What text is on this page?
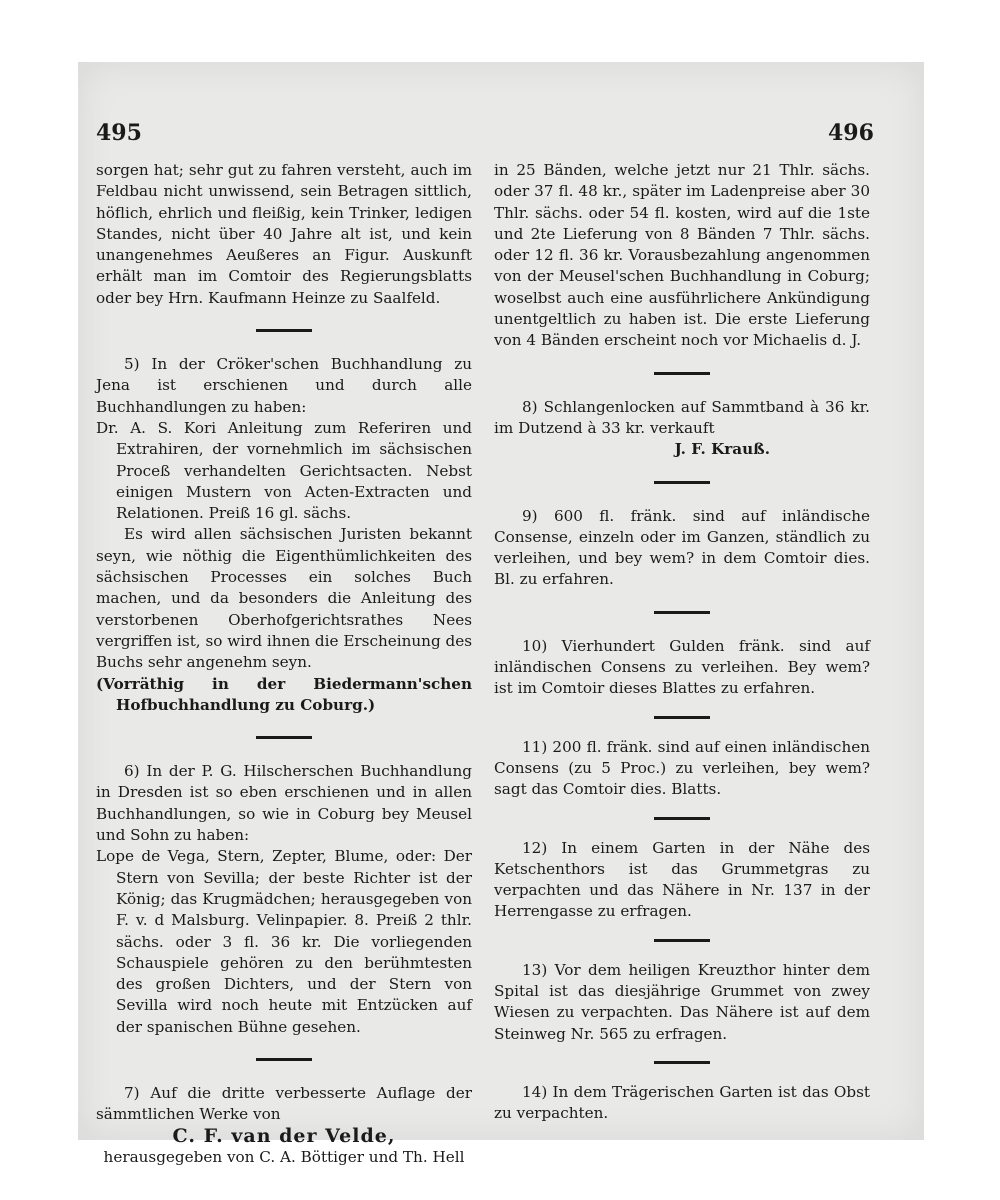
495	496

sorgen hat; sehr gut zu fahren versteht, auch im Feldbau nicht unwissend, sein Betragen sittlich, höflich, ehrlich und fleißig, kein Trinker, ledigen Standes, nicht über 40 Jahre alt ist, und kein unangenehmes Aeußeres an Figur. Auskunft erhält man im Comtoir des Regierungsblatts oder bey Hrn. Kaufmann Heinze zu Saalfeld.

5) In der Cröker'schen Buchhandlung zu Jena ist erschienen und durch alle Buchhandlungen zu haben:

Dr. A. S. Kori Anleitung zum Referiren und Extrahiren, der vornehmlich im sächsischen Proceß verhandelten Gerichtsacten. Nebst einigen Mustern von Acten-Extracten und Relationen. Preiß 16 gl. sächs.

Es wird allen sächsischen Juristen bekannt seyn, wie nöthig die Eigenthümlichkeiten des sächsischen Processes ein solches Buch machen, und da besonders die Anleitung des verstorbenen Oberhofgerichtsrathes Nees vergriffen ist, so wird ihnen die Erscheinung des Buchs sehr angenehm seyn.

(Vorräthig in der Biedermann'schen Hofbuchhandlung zu Coburg.)

6) In der P. G. Hilscherschen Buchhandlung in Dresden ist so eben erschienen und in allen Buchhandlungen, so wie in Coburg bey Meusel und Sohn zu haben:

Lope de Vega, Stern, Zepter, Blume, oder: Der Stern von Sevilla; der beste Richter ist der König; das Krugmädchen; herausgegeben von F. v. d Malsburg. Velinpapier. 8. Preiß 2 thlr. sächs. oder 3 fl. 36 kr. Die vorliegenden Schauspiele gehören zu den berühmtesten des großen Dichters, und der Stern von Sevilla wird noch heute mit Entzücken auf der spanischen Bühne gesehen.

7) Auf die dritte verbesserte Auflage der sämmtlichen Werke von

C. F. van der Velde,

herausgegeben von C. A. Böttiger und Th. Hell

in 25 Bänden, welche jetzt nur 21 Thlr. sächs. oder 37 fl. 48 kr., später im Ladenpreise aber 30 Thlr. sächs. oder 54 fl. kosten, wird auf die 1ste und 2te Lieferung von 8 Bänden 7 Thlr. sächs. oder 12 fl. 36 kr. Vorausbezahlung angenommen von der Meusel'schen Buchhandlung in Coburg; woselbst auch eine ausführlichere Ankündigung unentgeltlich zu haben ist. Die erste Lieferung von 4 Bänden erscheint noch vor Michaelis d. J.

8) Schlangenlocken auf Sammtband à 36 kr. im Dutzend à 33 kr. verkauft

J. F. Krauß.

9) 600 fl. fränk. sind auf inländische Consense, einzeln oder im Ganzen, ständlich zu verleihen, und bey wem? in dem Comtoir dies. Bl. zu erfahren.

10) Vierhundert Gulden fränk. sind auf inländischen Consens zu verleihen. Bey wem? ist im Comtoir dieses Blattes zu erfahren.

11) 200 fl. fränk. sind auf einen inländischen Consens (zu 5 Proc.) zu verleihen, bey wem? sagt das Comtoir dies. Blatts.

12) In einem Garten in der Nähe des Ketschenthors ist das Grummetgras zu verpachten und das Nähere in Nr. 137 in der Herrengasse zu erfragen.

13) Vor dem heiligen Kreuzthor hinter dem Spital ist das diesjährige Grummet von zwey Wiesen zu verpachten. Das Nähere ist auf dem Steinweg Nr. 565 zu erfragen.

14) In dem Trägerischen Garten ist das Obst zu verpachten.
